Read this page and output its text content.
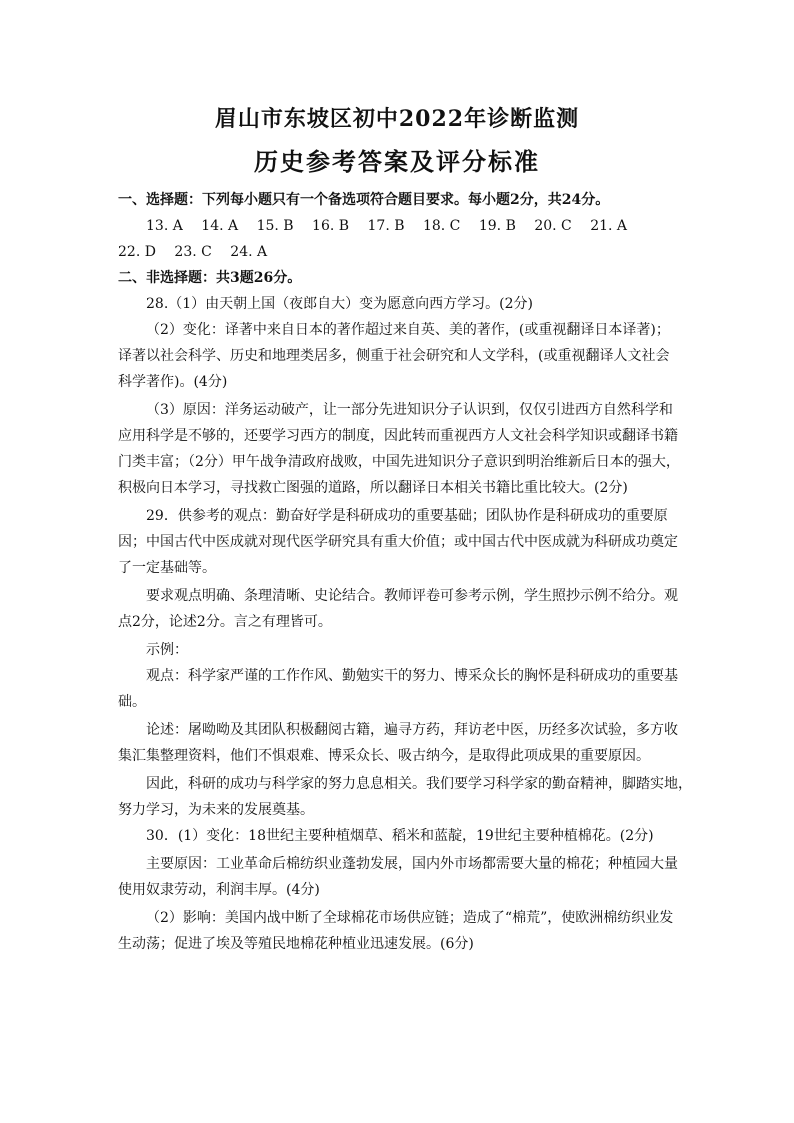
眉山市东坡区初中2022年诊断监测
历史参考答案及评分标准
一、选择题：下列每小题只有一个备选项符合题目要求。每小题2分，共24分。
13. A 14. A 15. B 16. B 17. B 18. C 19. B 20. C 21. A
22. D 23. C 24. A
二、非选择题：共3题26分。
28.（1）由天朝上国（夜郎自大）变为愿意向西方学习。(2分)
（2）变化：译著中来自日本的著作超过来自英、美的著作，(或重视翻译日本译著)；
译著以社会科学、历史和地理类居多，侧重于社会研究和人文学科，(或重视翻译人文社会
科学著作)。(4分)
（3）原因：洋务运动破产，让一部分先进知识分子认识到，仅仅引进西方自然科学和
应用科学是不够的，还要学习西方的制度，因此转而重视西方人文社会科学知识或翻译书籍
门类丰富；（2分）甲午战争清政府战败，中国先进知识分子意识到明治维新后日本的强大，
积极向日本学习，寻找救亡图强的道路，所以翻译日本相关书籍比重比较大。(2分)
29．供参考的观点：勤奋好学是科研成功的重要基础；团队协作是科研成功的重要原
因；中国古代中医成就对现代医学研究具有重大价值；或中国古代中医成就为科研成功奠定
了一定基础等。
要求观点明确、条理清晰、史论结合。教师评卷可参考示例，学生照抄示例不给分。观
点2分，论述2分。言之有理皆可。
示例：
观点：科学家严谨的工作作风、勤勉实干的努力、博采众长的胸怀是科研成功的重要基
础。
论述：屠呦呦及其团队积极翻阅古籍，遍寻方药，拜访老中医，历经多次试验，多方收
集汇集整理资料，他们不惧艰难、博采众长、吸古纳今，是取得此项成果的重要原因。
因此，科研的成功与科学家的努力息息相关。我们要学习科学家的勤奋精神，脚踏实地，
努力学习，为未来的发展奠基。
30．(1）变化：18世纪主要种植烟草、稻米和蓝靛，19世纪主要种植棉花。(2分)
主要原因：工业革命后棉纺织业蓬勃发展，国内外市场都需要大量的棉花；种植园大量
使用奴隶劳动，利润丰厚。(4分)
（2）影响：美国内战中断了全球棉花市场供应链；造成了“棉荒”，使欧洲棉纺织业发
生动荡；促进了埃及等殖民地棉花种植业迅速发展。(6分)
